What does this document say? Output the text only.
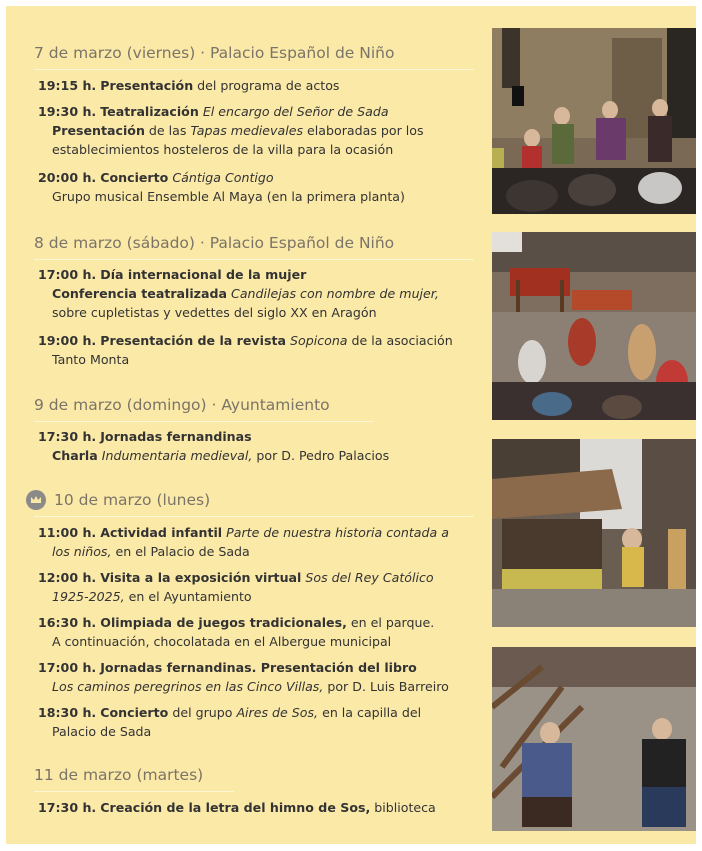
7 de marzo (viernes) · Palacio Español de Niño
19:15 h. Presentación del programa de actos
19:30 h. Teatralización El encargo del Señor de Sada
Presentación de las Tapas medievales elaboradas por los
establecimientos hosteleros de la villa para la ocasión
20:00 h. Concierto Cántiga Contigo
Grupo musical Ensemble Al Maya (en la primera planta)
8 de marzo (sábado) · Palacio Español de Niño
17:00 h. Día internacional de la mujer
Conferencia teatralizada Candilejas con nombre de mujer,
sobre cupletistas y vedettes del siglo XX en Aragón
19:00 h. Presentación de la revista Sopicona de la asociación
Tanto Monta
9 de marzo (domingo) · Ayuntamiento
17:30 h. Jornadas fernandinas
Charla Indumentaria medieval, por D. Pedro Palacios
10 de marzo (lunes)
11:00 h. Actividad infantil Parte de nuestra historia contada a
los niños, en el Palacio de Sada
12:00 h. Visita a la exposición virtual Sos del Rey Católico
1925-2025, en el Ayuntamiento
16:30 h. Olimpiada de juegos tradicionales, en el parque.
A continuación, chocolatada en el Albergue municipal
17:00 h. Jornadas fernandinas. Presentación del libro
Los caminos peregrinos en las Cinco Villas, por D. Luis Barreiro
18:30 h. Concierto del grupo Aires de Sos, en la capilla del
Palacio de Sada
11 de marzo (martes)
17:30 h. Creación de la letra del himno de Sos, biblioteca
